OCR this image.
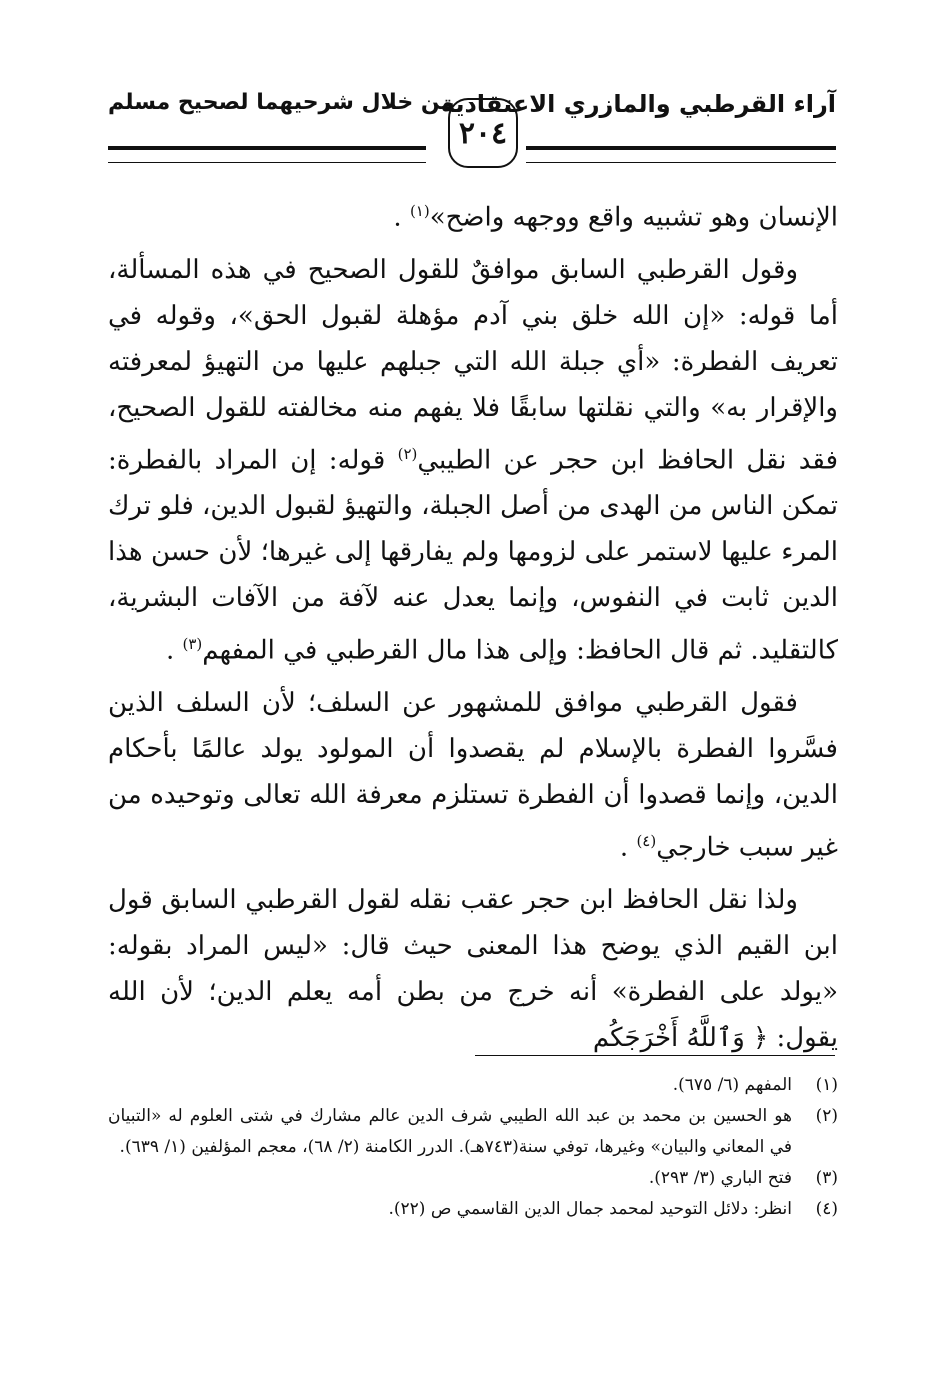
آراء القرطبي والمازري الاعتقادية
من خلال شرحيهما لصحيح مسلم
٢٠٤

الإنسان وهو تشبيه واقع ووجهه واضح»$^{(١)}$ .

وقول القرطبي السابق موافقٌ للقول الصحيح في هذه المسألة، أما قوله: «إن الله خلق بني آدم مؤهلة لقبول الحق»، وقوله في تعريف الفطرة: «أي جبلة الله التي جبلهم عليها من التهيؤ لمعرفته والإقرار به» والتي نقلتها سابقًا فلا يفهم منه مخالفته للقول الصحيح، فقد نقل الحافظ ابن حجر عن الطيبي$^{(٢)}$ قوله: إن المراد بالفطرة: تمكن الناس من الهدى من أصل الجبلة، والتهيؤ لقبول الدين، فلو ترك المرء عليها لاستمر على لزومها ولم يفارقها إلى غيرها؛ لأن حسن هذا الدين ثابت في النفوس، وإنما يعدل عنه لآفة من الآفات البشرية، كالتقليد. ثم قال الحافظ: وإلى هذا مال القرطبي في المفهم$^{(٣)}$ .

فقول القرطبي موافق للمشهور عن السلف؛ لأن السلف الذين فسَّروا الفطرة بالإسلام لم يقصدوا أن المولود يولد عالمًا بأحكام الدين، وإنما قصدوا أن الفطرة تستلزم معرفة الله تعالى وتوحيده من غير سبب خارجي$^{(٤)}$ .

ولذا نقل الحافظ ابن حجر عقب نقله لقول القرطبي السابق قول ابن القيم الذي يوضح هذا المعنى حيث قال: «ليس المراد بقوله: «يولد على الفطرة» أنه خرج من بطن أمه يعلم الدين؛ لأن الله يقول: ﴿ وَٱللَّهُ أَخْرَجَكُم

(١)
المفهم (٦/ ٦٧٥).
(٢)
هو الحسين بن محمد بن عبد الله الطيبي شرف الدين عالم مشارك في شتى العلوم له «التبيان في المعاني والبيان» وغيرها، توفي سنة(٧٤٣هـ). الدرر الكامنة (٢/ ٦٨)، معجم المؤلفين (١/ ٦٣٩).
(٣)
فتح الباري (٣/ ٢٩٣).
(٤)
انظر: دلائل التوحيد لمحمد جمال الدين القاسمي ص (٢٢).
